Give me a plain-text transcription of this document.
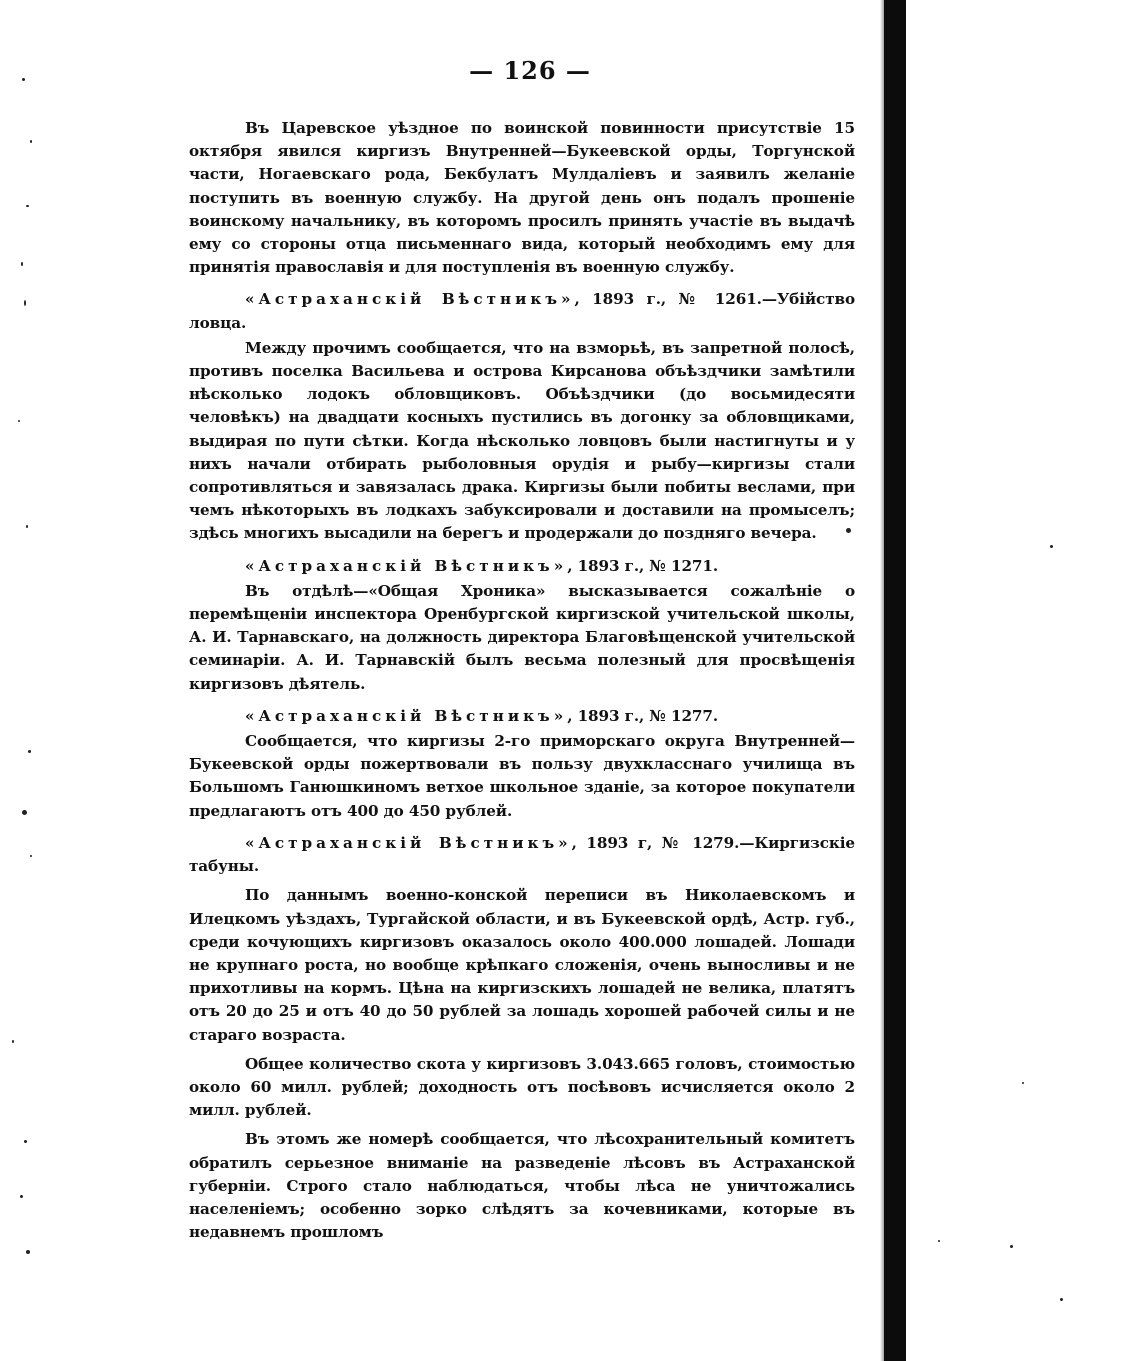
— 126 —

Въ Царевское уѣздное по воинской повинности присутствіе 15 октября явился киргизъ Внутренней—Букеевской орды, Торгунской части, Ногаевскаго рода, Бекбулатъ Мулдаліевъ и заявилъ желаніе поступить въ военную службу. На другой день онъ подалъ прошеніе воинскому начальнику, въ которомъ просилъ принять участіе въ выдачѣ ему со стороны отца письменнаго вида, который необходимъ ему для принятія православія и для поступленія въ военную службу.

«Астраханскій Вѣстникъ», 1893 г., № 1261.—Убійство ловца.

Между прочимъ сообщается, что на взморьѣ, въ запретной полосѣ, противъ поселка Васильева и острова Кирсанова объѣздчики замѣтили нѣсколько лодокъ обловщиковъ. Объѣздчики (до восьмидесяти человѣкъ) на двадцати косныхъ пустились въ догонку за обловщиками, выдирая по пути сѣтки. Когда нѣсколько ловцовъ были настигнуты и у нихъ начали отбирать рыболовныя орудія и рыбу—киргизы стали сопротивляться и завязалась драка. Киргизы были побиты веслами, при чемъ нѣкоторыхъ въ лодкахъ забуксировали и доставили на промыселъ; здѣсь многихъ высадили на берегъ и продержали до поздняго вечера.

«Астраханскій Вѣстникъ», 1893 г., № 1271.

Въ отдѣлѣ—«Общая Хроника» высказывается сожалѣніе о перемѣщеніи инспектора Оренбургской киргизской учительской школы, А. И. Тарнавскаго, на должность директора Благовѣщенской учительской семинаріи. А. И. Тарнавскій былъ весьма полезный для просвѣщенія киргизовъ дѣятель.

«Астраханскій Вѣстникъ», 1893 г., № 1277.

Сообщается, что киргизы 2-го приморскаго округа Внутренней—Букеевской орды пожертвовали въ пользу двухкласснаго училища въ Большомъ Ганюшкиномъ ветхое школьное зданіе, за которое покупатели предлагаютъ отъ 400 до 450 рублей.

«Астраханскій Вѣстникъ», 1893 г, № 1279.—Киргизскіе табуны.

По даннымъ военно-конской переписи въ Николаевскомъ и Илецкомъ уѣздахъ, Тургайской области, и въ Букеевской ордѣ, Астр. губ., среди кочующихъ киргизовъ оказалось около 400.000 лошадей. Лошади не крупнаго роста, но вообще крѣпкаго сложенія, очень выносливы и не прихотливы на кормъ. Цѣна на киргизскихъ лошадей не велика, платятъ отъ 20 до 25 и отъ 40 до 50 рублей за лошадь хорошей рабочей силы и не стараго возраста.

Общее количество скота у киргизовъ 3.043.665 головъ, стоимостью около 60 милл. рублей; доходность отъ посѣвовъ исчисляется около 2 милл. рублей.

Въ этомъ же номерѣ сообщается, что лѣсохранительный комитетъ обратилъ серьезное вниманіе на разведеніе лѣсовъ въ Астраханской губерніи. Строго стало наблюдаться, чтобы лѣса не уничтожались населеніемъ; особенно зорко слѣдятъ за кочевниками, которые въ недавнемъ прошломъ
